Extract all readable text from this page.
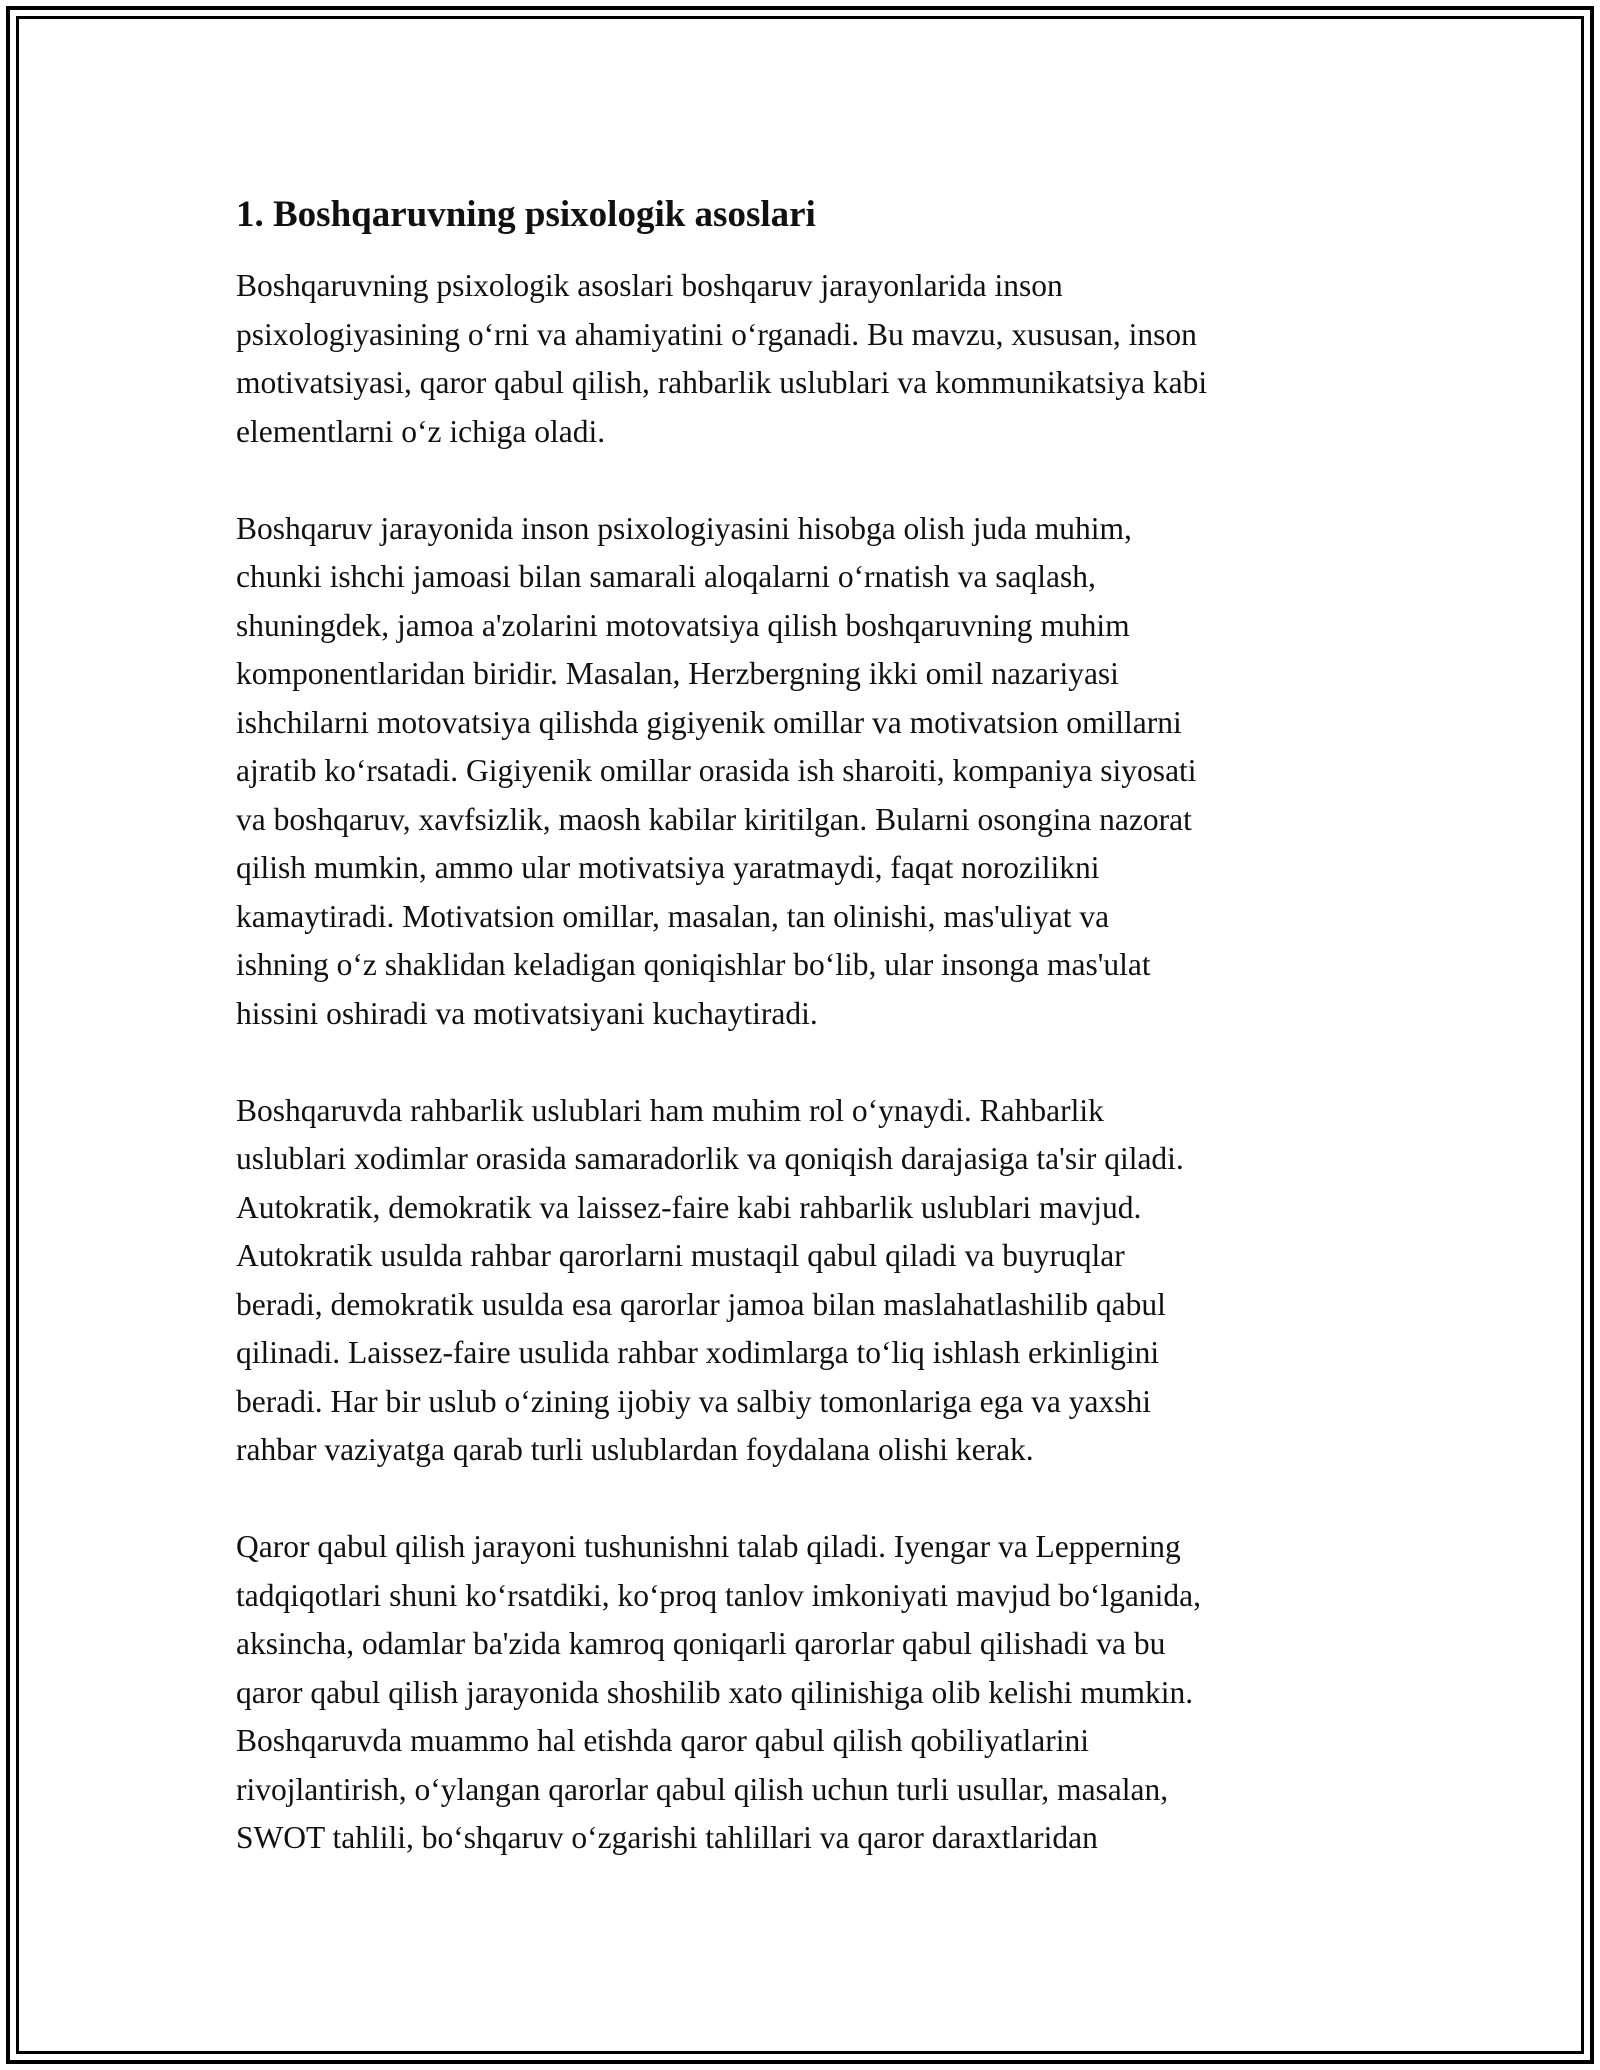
1. Boshqaruvning psixologik asoslari

Boshqaruvning psixologik asoslari boshqaruv jarayonlarida inson
psixologiyasining o‘rni va ahamiyatini o‘rganadi. Bu mavzu, xususan, inson
motivatsiyasi, qaror qabul qilish, rahbarlik uslublari va kommunikatsiya kabi
elementlarni o‘z ichiga oladi.

Boshqaruv jarayonida inson psixologiyasini hisobga olish juda muhim,
chunki ishchi jamoasi bilan samarali aloqalarni o‘rnatish va saqlash,
shuningdek, jamoa a'zolarini motovatsiya qilish boshqaruvning muhim
komponentlaridan biridir. Masalan, Herzbergning ikki omil nazariyasi
ishchilarni motovatsiya qilishda gigiyenik omillar va motivatsion omillarni
ajratib ko‘rsatadi. Gigiyenik omillar orasida ish sharoiti, kompaniya siyosati
va boshqaruv, xavfsizlik, maosh kabilar kiritilgan. Bularni osongina nazorat
qilish mumkin, ammo ular motivatsiya yaratmaydi, faqat norozilikni
kamaytiradi. Motivatsion omillar, masalan, tan olinishi, mas'uliyat va
ishning o‘z shaklidan keladigan qoniqishlar bo‘lib, ular insonga mas'ulat
hissini oshiradi va motivatsiyani kuchaytiradi.

Boshqaruvda rahbarlik uslublari ham muhim rol o‘ynaydi. Rahbarlik
uslublari xodimlar orasida samaradorlik va qoniqish darajasiga ta'sir qiladi.
Autokratik, demokratik va laissez-faire kabi rahbarlik uslublari mavjud.
Autokratik usulda rahbar qarorlarni mustaqil qabul qiladi va buyruqlar
beradi, demokratik usulda esa qarorlar jamoa bilan maslahatlashilib qabul
qilinadi. Laissez-faire usulida rahbar xodimlarga to‘liq ishlash erkinligini
beradi. Har bir uslub o‘zining ijobiy va salbiy tomonlariga ega va yaxshi
rahbar vaziyatga qarab turli uslublardan foydalana olishi kerak.

Qaror qabul qilish jarayoni tushunishni talab qiladi. Iyengar va Lepperning
tadqiqotlari shuni ko‘rsatdiki, ko‘proq tanlov imkoniyati mavjud bo‘lganida,
aksincha, odamlar ba'zida kamroq qoniqarli qarorlar qabul qilishadi va bu
qaror qabul qilish jarayonida shoshilib xato qilinishiga olib kelishi mumkin.
Boshqaruvda muammo hal etishda qaror qabul qilish qobiliyatlarini
rivojlantirish, o‘ylangan qarorlar qabul qilish uchun turli usullar, masalan,
SWOT tahlili, bo‘shqaruv o‘zgarishi tahlillari va qaror daraxtlaridan
